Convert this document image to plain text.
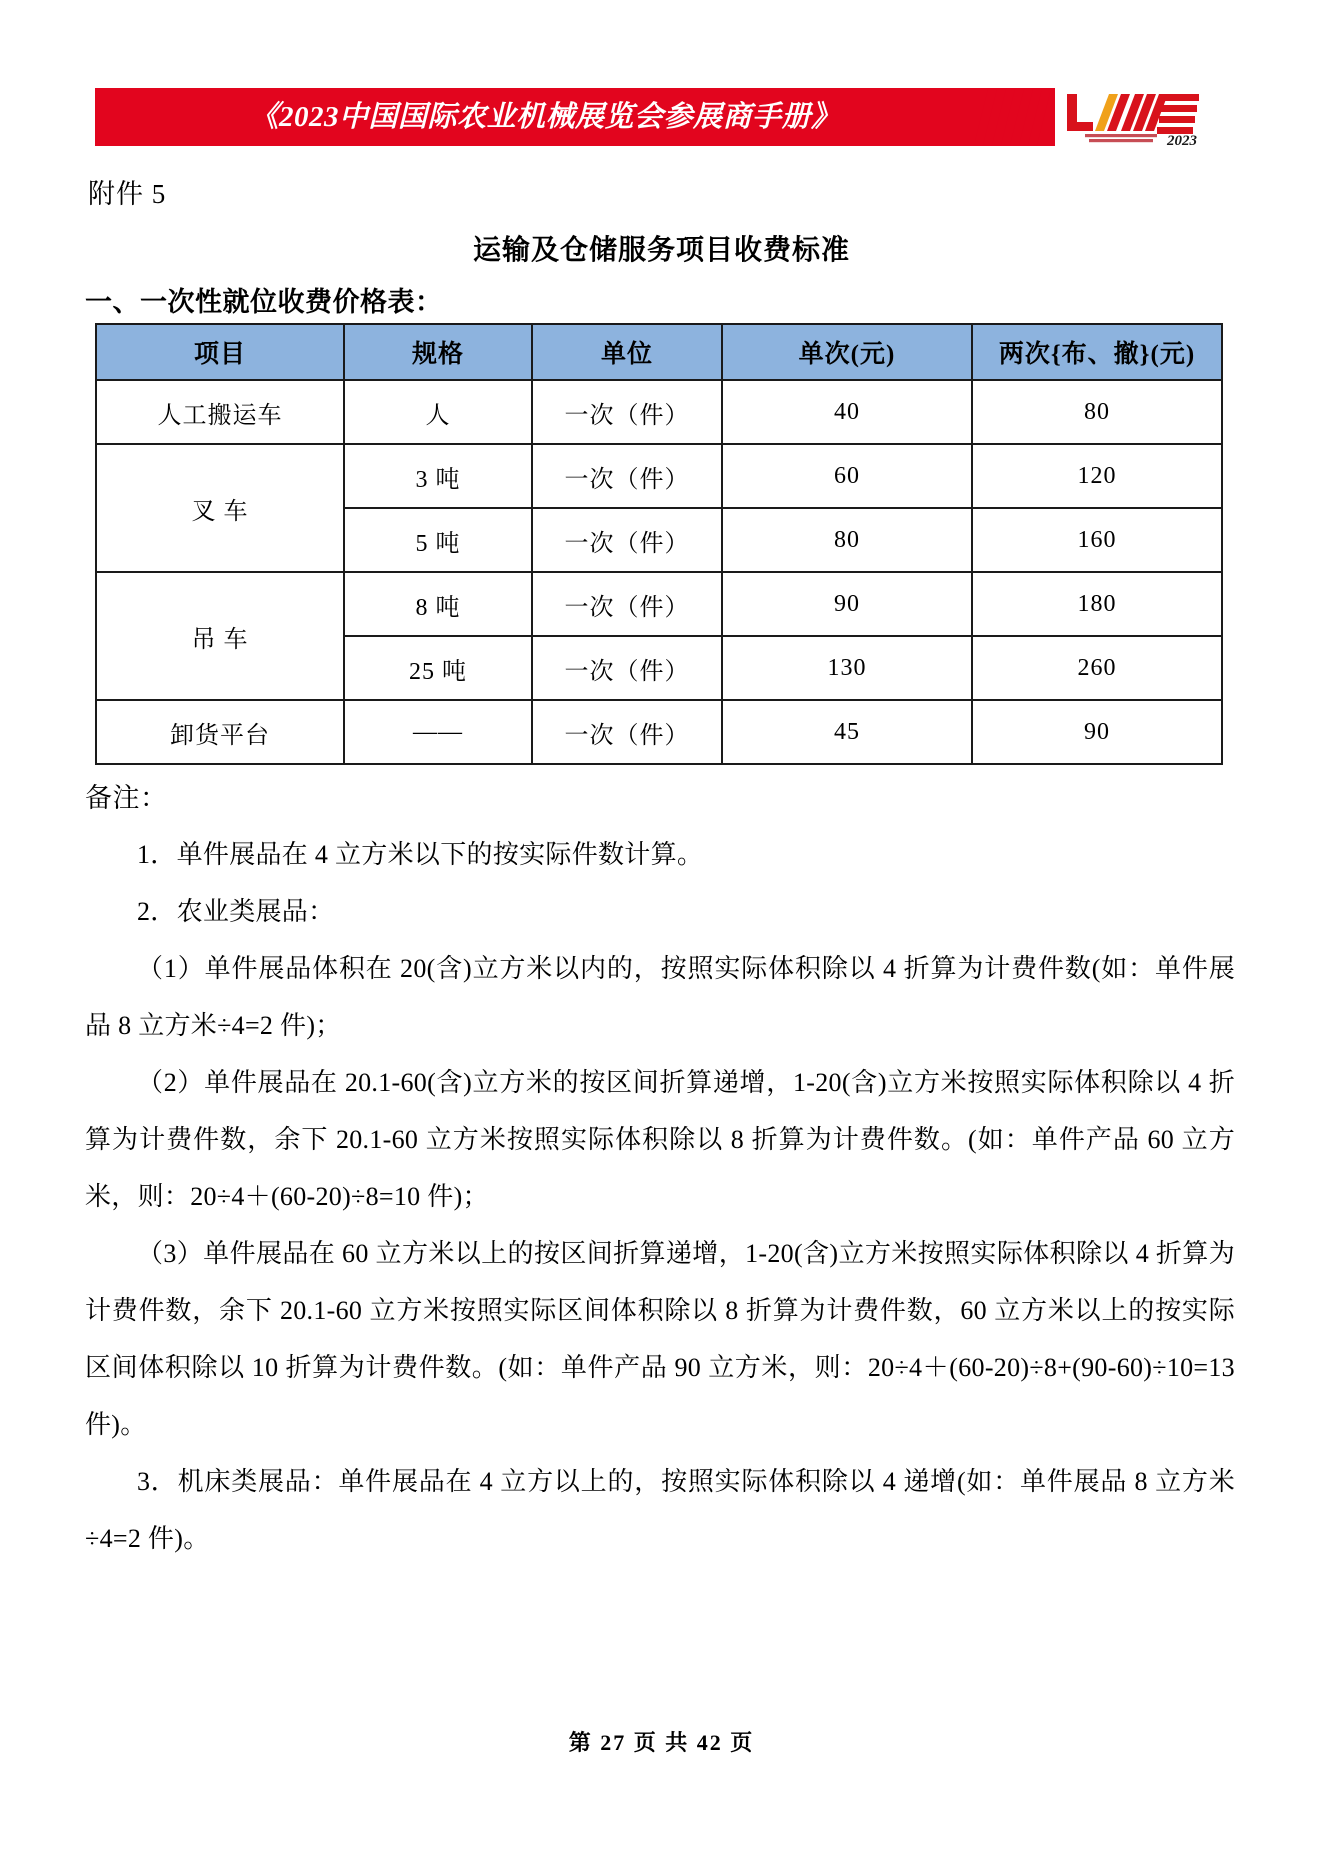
《2023中国国际农业机械展览会参展商手册》
2023
附件 5
运输及仓储服务项目收费标准
一、一次性就位收费价格表：
项目	规格	单位	单次(元)	两次{布、撤}(元)
人工搬运车	人	一次（件）	40	80
叉 车	3 吨	一次（件）	60	120
	5 吨	一次（件）	80	160
吊 车	8 吨	一次（件）	90	180
	25 吨	一次（件）	130	260
卸货平台	——	一次（件）	45	90
备注：

1．单件展品在 4 立方米以下的按实际件数计算。

2．农业类展品：

（1）单件展品体积在 20(含)立方米以内的，按照实际体积除以 4 折算为计费件数(如：单件展品 8 立方米÷4=2 件)；

（2）单件展品在 20.1-60(含)立方米的按区间折算递增，1-20(含)立方米按照实际体积除以 4 折算为计费件数，余下 20.1-60 立方米按照实际体积除以 8 折算为计费件数。(如：单件产品 60 立方米，则：20÷4＋(60-20)÷8=10 件)；

（3）单件展品在 60 立方米以上的按区间折算递增，1-20(含)立方米按照实际体积除以 4 折算为计费件数，余下 20.1-60 立方米按照实际区间体积除以 8 折算为计费件数，60 立方米以上的按实际区间体积除以 10 折算为计费件数。(如：单件产品 90 立方米，则：20÷4＋(60-20)÷8+(90-60)÷10=13 件)。

3．机床类展品：单件展品在 4 立方以上的，按照实际体积除以 4 递增(如：单件展品 8 立方米÷4=2 件)。

第 27 页 共 42 页
